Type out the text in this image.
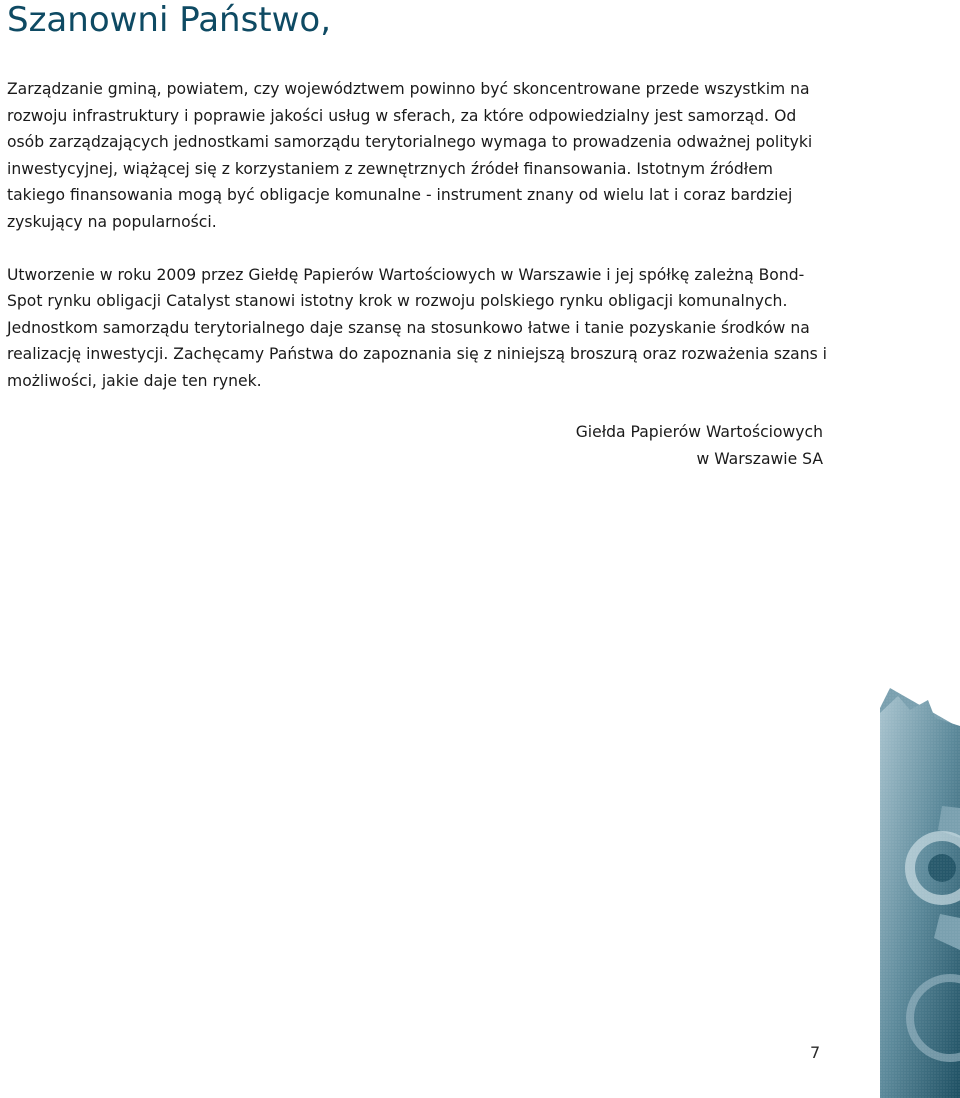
Szanowni Państwo,

Zarządzanie gminą, powiatem, czy województwem powinno być skoncentrowane przede wszystkim na rozwoju infrastruktury i poprawie jakości usług w sferach, za które odpowiedzialny jest samorząd. Od osób zarządzających jednostkami samorządu terytorialnego wymaga to prowadzenia odważnej polityki inwestycyjnej, wiążącej się z korzystaniem z zewnętrznych źródeł finansowania. Istotnym źródłem takiego finansowania mogą być obligacje komunalne - instrument znany od wielu lat i coraz bardziej zyskujący na popularności.

Utworzenie w roku 2009 przez Giełdę Papierów Wartościowych w Warszawie i jej spółkę zależną Bond-Spot rynku obligacji Catalyst stanowi istotny krok w rozwoju polskiego rynku obligacji komunalnych. Jednostkom samorządu terytorialnego daje szansę na stosunkowo łatwe i tanie pozyskanie środków na realizację inwestycji. Zachęcamy Państwa do zapoznania się z niniejszą broszurą oraz rozważenia szans i możliwości, jakie daje ten rynek.

Giełda Papierów Wartościowych
w Warszawie SA
7
